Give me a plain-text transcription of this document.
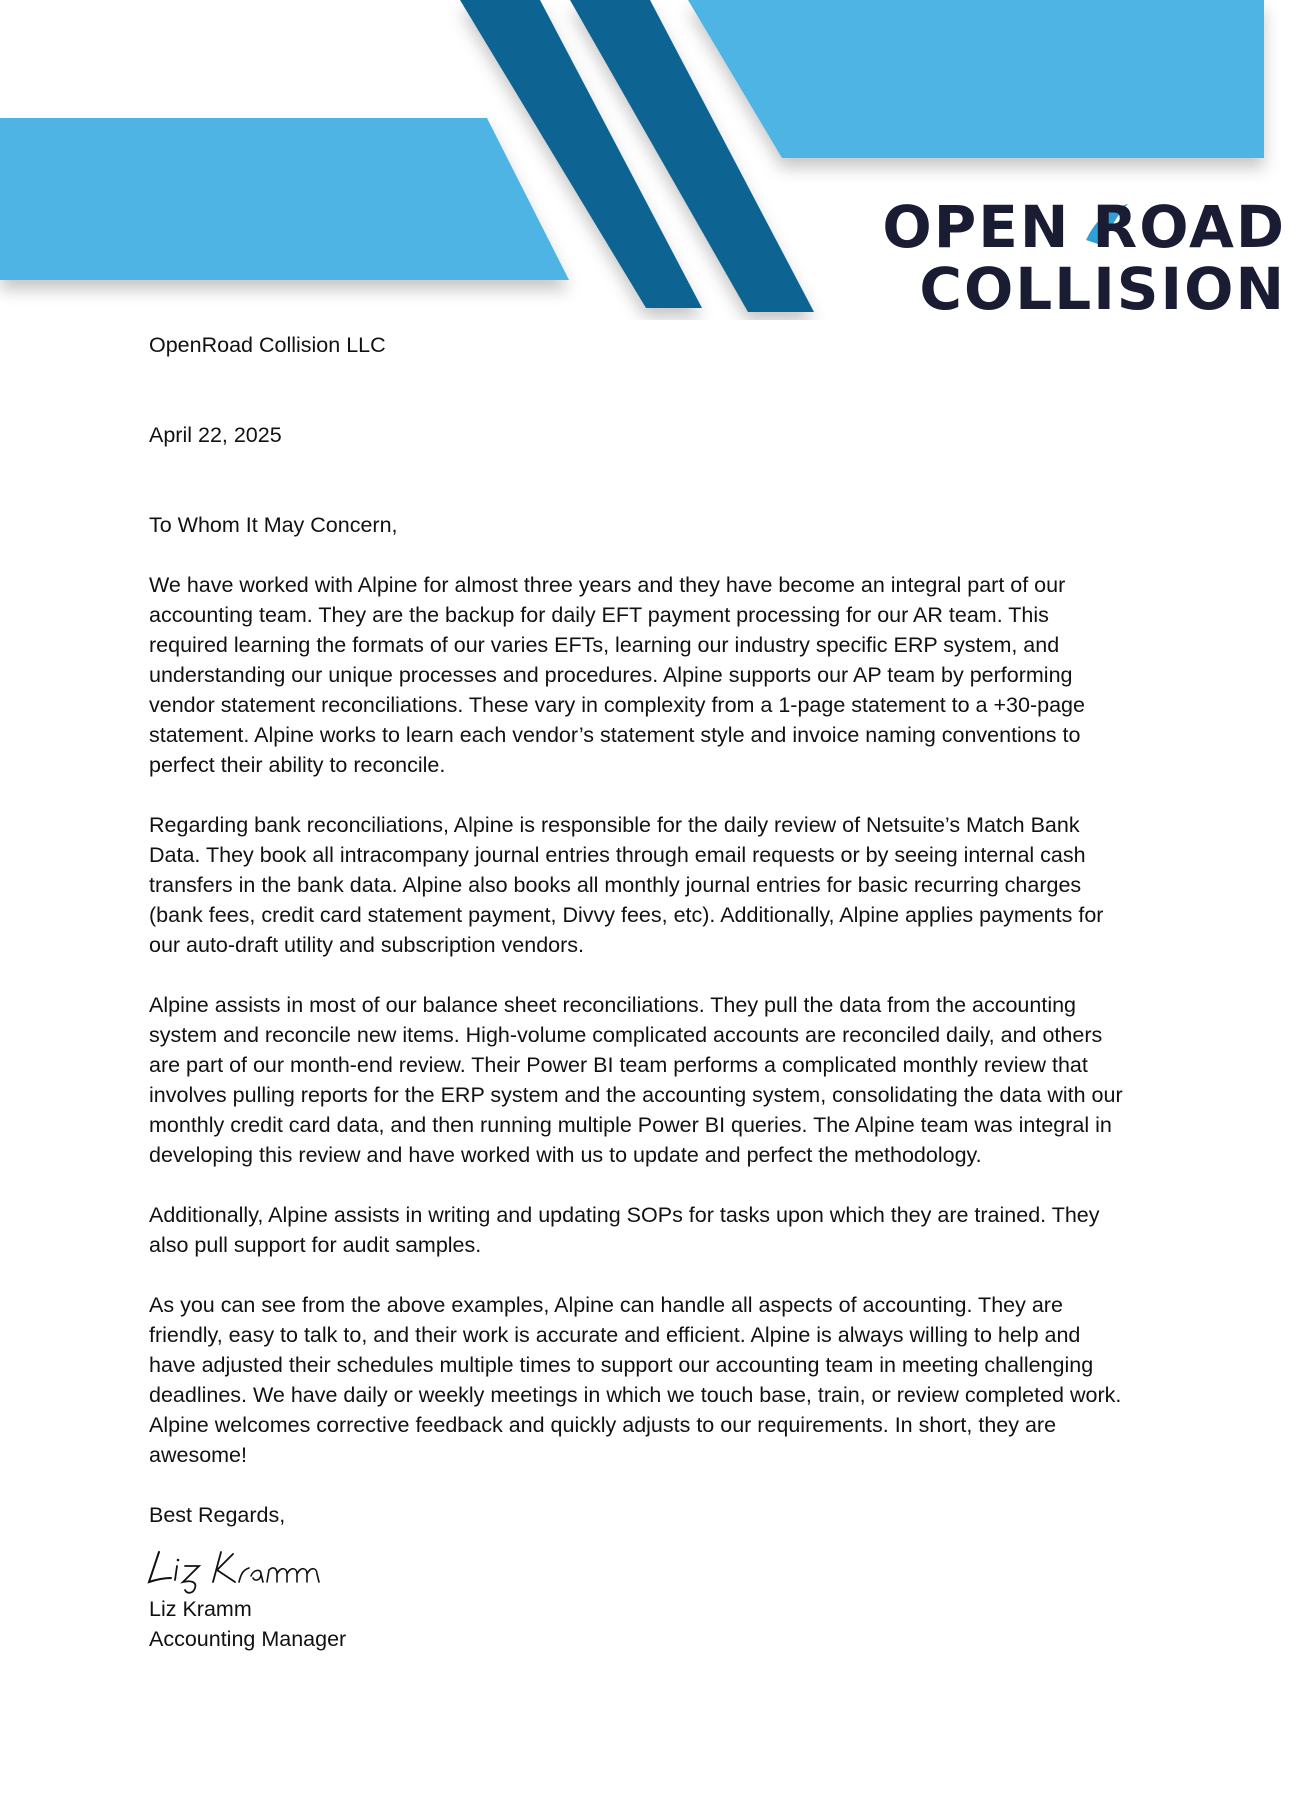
OPEN ROAD
COLLISION

OpenRoad Collision LLC

April 22, 2025

To Whom It May Concern,

We have worked with Alpine for almost three years and they have become an integral part of our accounting team. They are the backup for daily EFT payment processing for our AR team. This required learning the formats of our varies EFTs, learning our industry specific ERP system, and understanding our unique processes and procedures. Alpine supports our AP team by performing vendor statement reconciliations. These vary in complexity from a 1-page statement to a +30-page statement. Alpine works to learn each vendor’s statement style and invoice naming conventions to perfect their ability to reconcile.

Regarding bank reconciliations, Alpine is responsible for the daily review of Netsuite’s Match Bank Data. They book all intracompany journal entries through email requests or by seeing internal cash transfers in the bank data. Alpine also books all monthly journal entries for basic recurring charges (bank fees, credit card statement payment, Divvy fees, etc). Additionally, Alpine applies payments for our auto-draft utility and subscription vendors.

Alpine assists in most of our balance sheet reconciliations. They pull the data from the accounting system and reconcile new items. High-volume complicated accounts are reconciled daily, and others are part of our month-end review. Their Power BI team performs a complicated monthly review that involves pulling reports for the ERP system and the accounting system, consolidating the data with our monthly credit card data, and then running multiple Power BI queries. The Alpine team was integral in developing this review and have worked with us to update and perfect the methodology.

Additionally, Alpine assists in writing and updating SOPs for tasks upon which they are trained. They also pull support for audit samples.

As you can see from the above examples, Alpine can handle all aspects of accounting. They are friendly, easy to talk to, and their work is accurate and efficient. Alpine is always willing to help and have adjusted their schedules multiple times to support our accounting team in meeting challenging deadlines. We have daily or weekly meetings in which we touch base, train, or review completed work. Alpine welcomes corrective feedback and quickly adjusts to our requirements. In short, they are awesome!

Best Regards,

Liz Kramm

Accounting Manager
